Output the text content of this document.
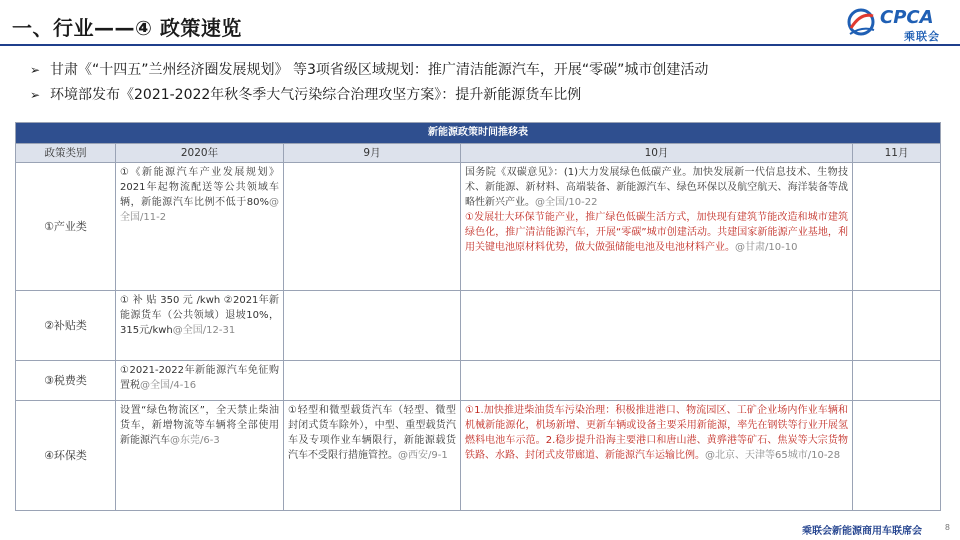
一、行业——④ 政策速览	CPCA
乘联会
➢ 甘肃《“十四五”兰州经济圈发展规划》 等3项省级区域规划：推广清洁能源汽车，开展“零碳”城市创建活动
➢ 环境部发布《2021-2022年秋冬季大气污染综合治理攻坚方案》：提升新能源货车比例
新能源政策时间推移表				
政策类别	2020年	9月	10月	11月
①产业类	①《新能源汽车产业发展规划》2021年起物流配送等公共领域车辆，新能源汽车比例不低于80%@全国/11-2		国务院《双碳意见》：(1)大力发展绿色低碳产业。加快发展新一代信息技术、生物技术、新能源、新材料、高端装备、新能源汽车、绿色环保以及航空航天、海洋装备等战略性新兴产业。@全国/10-22
①发展壮大环保节能产业，推广绿色低碳生活方式，加快现有建筑节能改造和城市建筑绿色化，推广清洁能源汽车，开展“零碳”城市创建活动。共建国家新能源产业基地，利用关键电池原材料优势，做大做强储能电池及电池材料产业。@甘肃/10-10	

②补贴类	① 补 贴 350 元 /kwh ②2021年新能源货车（公共领域）退坡10%，315元/kwh@全国/12-31			
③税费类	①2021-2022年新能源汽车免征购置税@全国/4-16			
④环保类	设置“绿色物流区”，全天禁止柴油货车，新增物流等车辆将全部使用新能源汽车@东莞/6-3	①轻型和微型载货汽车（轻型、微型封闭式货车除外），中型、重型载货汽车及专项作业车辆限行，新能源载货汽车不受限行措施管控。@西安/9-1	①1.加快推进柴油货车污染治理：积极推进港口、物流园区、工矿企业场内作业车辆和机械新能源化，机场新增、更新车辆或设备主要采用新能源，率先在钢铁等行业开展氢燃料电池车示范。2.稳步提升沿海主要港口和唐山港、黄骅港等矿石、焦炭等大宗货物铁路、水路、封闭式皮带廊道、新能源汽车运输比例。@北京、天津等65城市/10-28	
乘联会新能源商用车联席会	8
